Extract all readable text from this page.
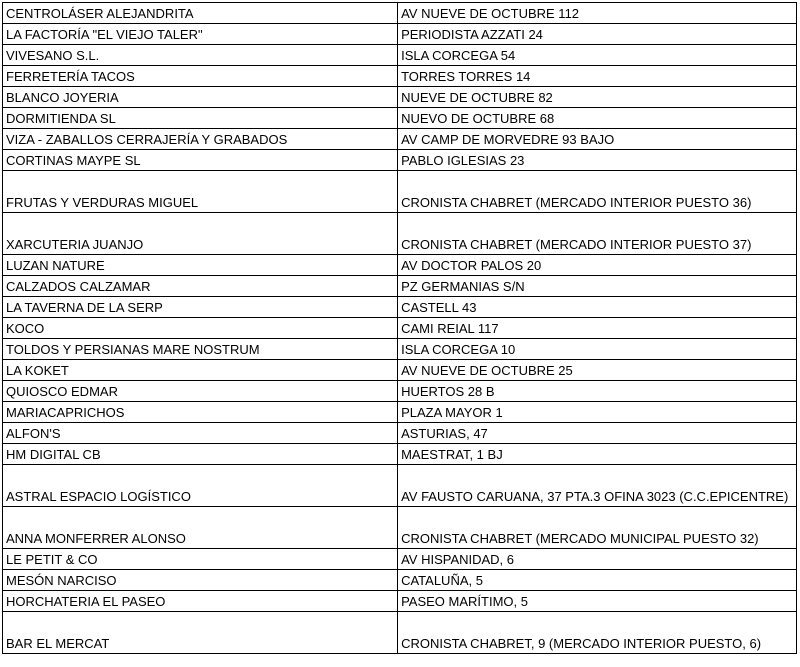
CENTROLÁSER ALEJANDRITA	AV NUEVE DE OCTUBRE 112
LA FACTORÍA "EL VIEJO TALER"	PERIODISTA AZZATI 24
VIVESANO S.L.	ISLA CORCEGA 54
FERRETERÍA TACOS	TORRES TORRES 14
BLANCO JOYERIA	NUEVE DE OCTUBRE 82
DORMITIENDA SL	NUEVO DE OCTUBRE 68
VIZA - ZABALLOS CERRAJERÍA Y GRABADOS	AV CAMP DE MORVEDRE 93 BAJO
CORTINAS MAYPE SL	PABLO IGLESIAS 23
FRUTAS Y VERDURAS MIGUEL	CRONISTA CHABRET (MERCADO INTERIOR PUESTO 36)
XARCUTERIA JUANJO	CRONISTA CHABRET (MERCADO INTERIOR PUESTO 37)
LUZAN NATURE	AV DOCTOR PALOS 20
CALZADOS CALZAMAR	PZ GERMANIAS S/N
LA TAVERNA DE LA SERP	CASTELL 43
KOCO	CAMI REIAL 117
TOLDOS Y PERSIANAS MARE NOSTRUM	ISLA CORCEGA 10
LA KOKET	AV NUEVE DE OCTUBRE 25
QUIOSCO EDMAR	HUERTOS 28 B
MARIACAPRICHOS	PLAZA MAYOR 1
ALFON'S	ASTURIAS, 47
HM DIGITAL CB	MAESTRAT, 1 BJ
ASTRAL ESPACIO LOGÍSTICO	AV FAUSTO CARUANA, 37 PTA.3 OFINA 3023 (C.C.EPICENTRE)
ANNA MONFERRER ALONSO	CRONISTA CHABRET (MERCADO MUNICIPAL PUESTO 32)
LE PETIT & CO	AV HISPANIDAD, 6
MESÓN NARCISO	CATALUÑA, 5
HORCHATERIA EL PASEO	PASEO MARÍTIMO, 5
BAR EL MERCAT	CRONISTA CHABRET, 9 (MERCADO INTERIOR PUESTO, 6)
